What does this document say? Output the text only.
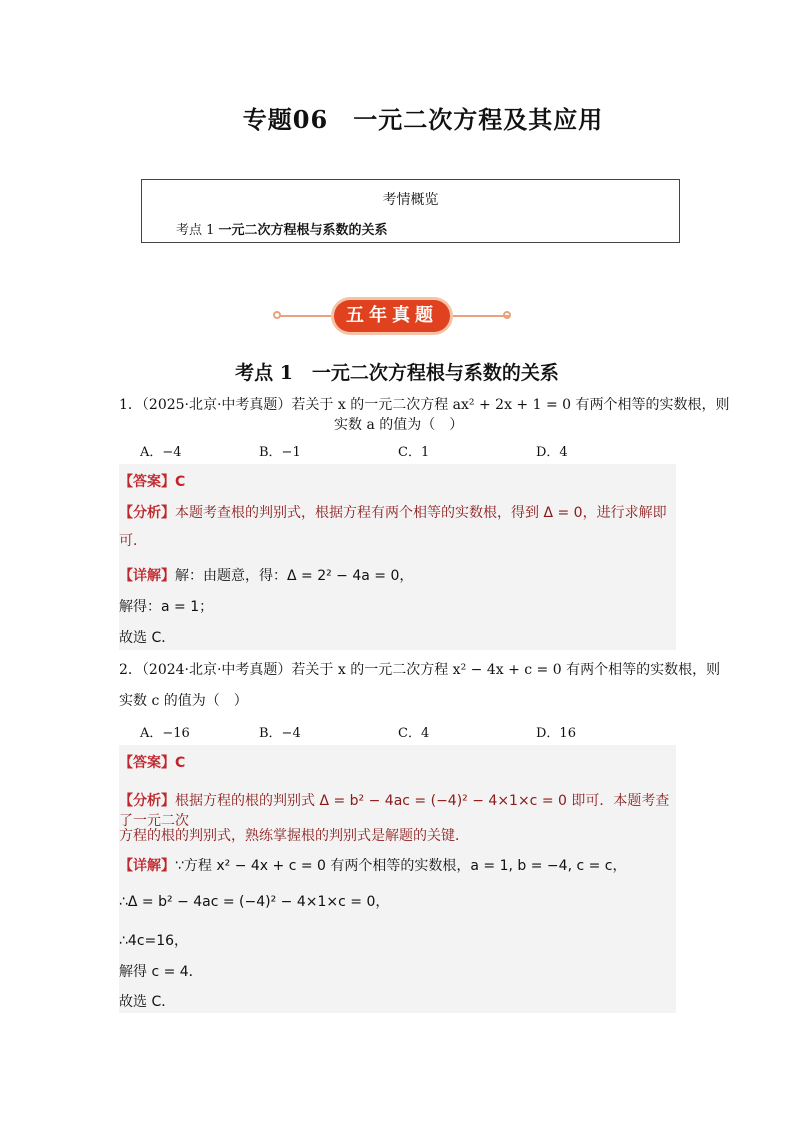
专题06　一元二次方程及其应用
考情概览
考点 1 一元二次方程根与系数的关系
五年真题
考点 1　一元二次方程根与系数的关系
1．（2025·北京·中考真题）若关于 x 的一元二次方程 ax² + 2x + 1 = 0 有两个相等的实数根，则
实数 a 的值为（　）
A．−4	B．−1	C．1	D．4
【答案】C
【分析】本题考查根的判别式，根据方程有两个相等的实数根，得到 Δ = 0，进行求解即
可．
【详解】解：由题意，得：Δ = 2² − 4a = 0，
解得：a = 1；
故选 C．
2．（2024·北京·中考真题）若关于 x 的一元二次方程 x² − 4x + c = 0 有两个相等的实数根，则
实数 c 的值为（　）
A．−16	B．−4	C．4	D．16
【答案】C
【分析】根据方程的根的判别式 Δ = b² − 4ac = (−4)² − 4×1×c = 0 即可．本题考查了一元二次
方程的根的判别式，熟练掌握根的判别式是解题的关键．
【详解】∵方程 x² − 4x + c = 0 有两个相等的实数根，a = 1, b = −4, c = c，
∴Δ = b² − 4ac = (−4)² − 4×1×c = 0，
∴4c=16，
解得 c = 4．
故选 C．
